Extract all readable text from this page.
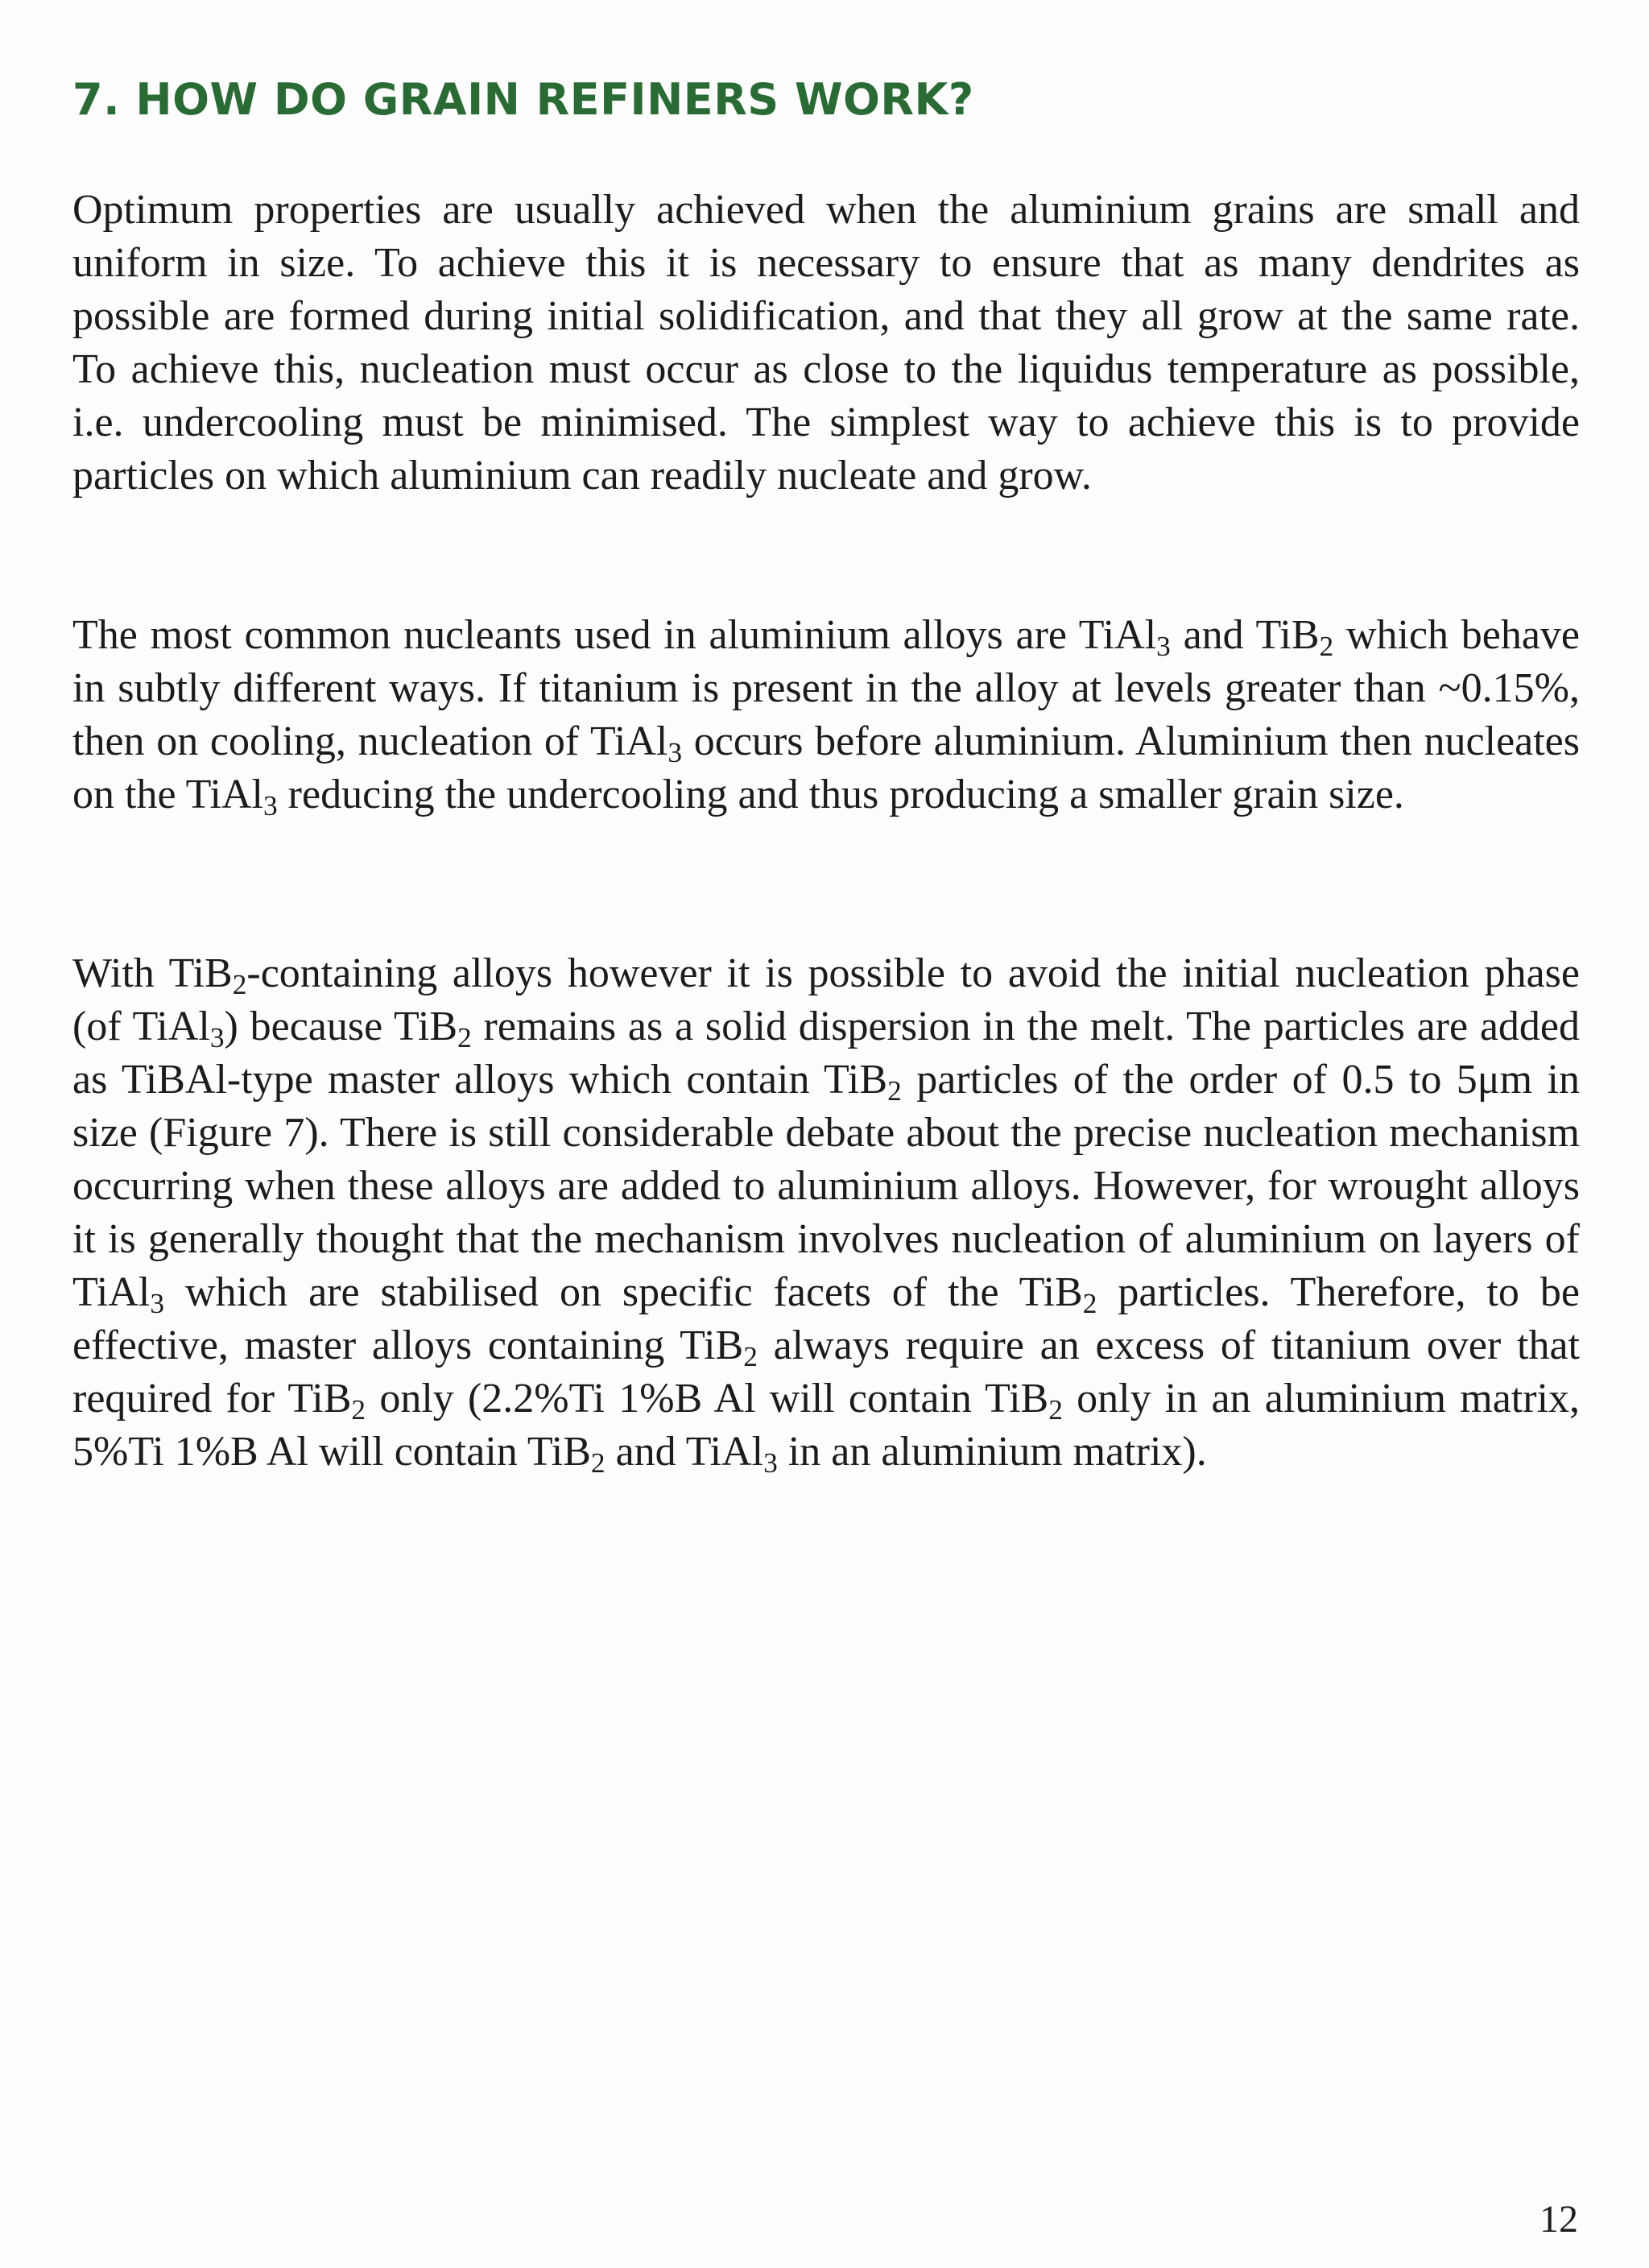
7. HOW DO GRAIN REFINERS WORK?

Optimum properties are usually achieved when the aluminium grains are small and uniform in size. To achieve this it is necessary to ensure that as many dendrites as possible are formed during initial solidification, and that they all grow at the same rate. To achieve this, nucleation must occur as close to the liquidus temperature as possible, i.e. undercooling must be minimised. The simplest way to achieve this is to provide particles on which aluminium can readily nucleate and grow.

The most common nucleants used in aluminium alloys are TiAl$_3$ and TiB$_2$ which behave in subtly different ways. If titanium is present in the alloy at levels greater than ~0.15%, then on cooling, nucleation of TiAl$_3$ occurs before aluminium. Aluminium then nucleates on the TiAl$_3$ reducing the undercooling and thus producing a smaller grain size.

With TiB$_2$-containing alloys however it is possible to avoid the initial nucleation phase (of TiAl$_3$) because TiB$_2$ remains as a solid dispersion in the melt. The particles are added as TiBAl-type master alloys which contain TiB$_2$ particles of the order of 0.5 to 5μm in size (Figure 7). There is still considerable debate about the precise nucleation mechanism occurring when these alloys are added to aluminium alloys. However, for wrought alloys it is generally thought that the mechanism involves nucleation of aluminium on layers of TiAl$_3$ which are stabilised on specific facets of the TiB$_2$ particles. Therefore, to be effective, master alloys containing TiB$_2$ always require an excess of titanium over that required for TiB$_2$ only (2.2%Ti 1%B Al will contain TiB$_2$ only in an aluminium matrix, 5%Ti 1%B Al will contain TiB$_2$ and TiAl$_3$ in an aluminium matrix).

12
